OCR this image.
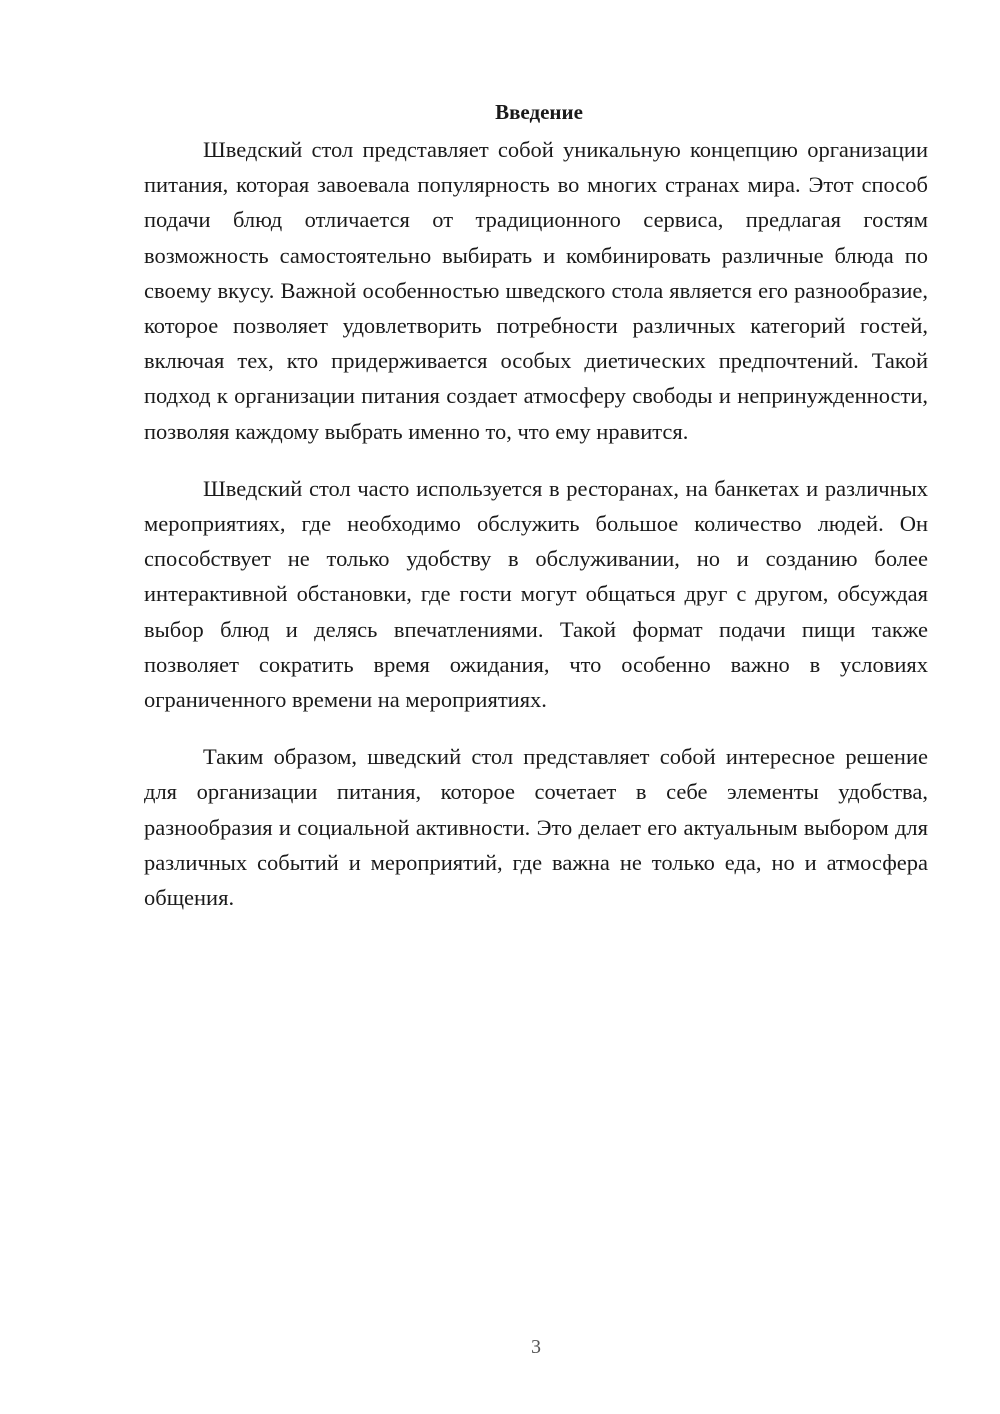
Введение

Шведский стол представляет собой уникальную концепцию организации питания, которая завоевала популярность во многих странах мира. Этот способ подачи блюд отличается от традиционного сервиса, предлагая гостям возможность самостоятельно выбирать и комбинировать различные блюда по своему вкусу. Важной особенностью шведского стола является его разнообразие, которое позволяет удовлетворить потребности различных категорий гостей, включая тех, кто придерживается особых диетических предпочтений. Такой подход к организации питания создает атмосферу свободы и непринужденности, позволяя каждому выбрать именно то, что ему нравится.

Шведский стол часто используется в ресторанах, на банкетах и различных мероприятиях, где необходимо обслужить большое количество людей. Он способствует не только удобству в обслуживании, но и созданию более интерактивной обстановки, где гости могут общаться друг с другом, обсуждая выбор блюд и делясь впечатлениями. Такой формат подачи пищи также позволяет сократить время ожидания, что особенно важно в условиях ограниченного времени на мероприятиях.

Таким образом, шведский стол представляет собой интересное решение для организации питания, которое сочетает в себе элементы удобства, разнообразия и социальной активности. Это делает его актуальным выбором для различных событий и мероприятий, где важна не только еда, но и атмосфера общения.

3
